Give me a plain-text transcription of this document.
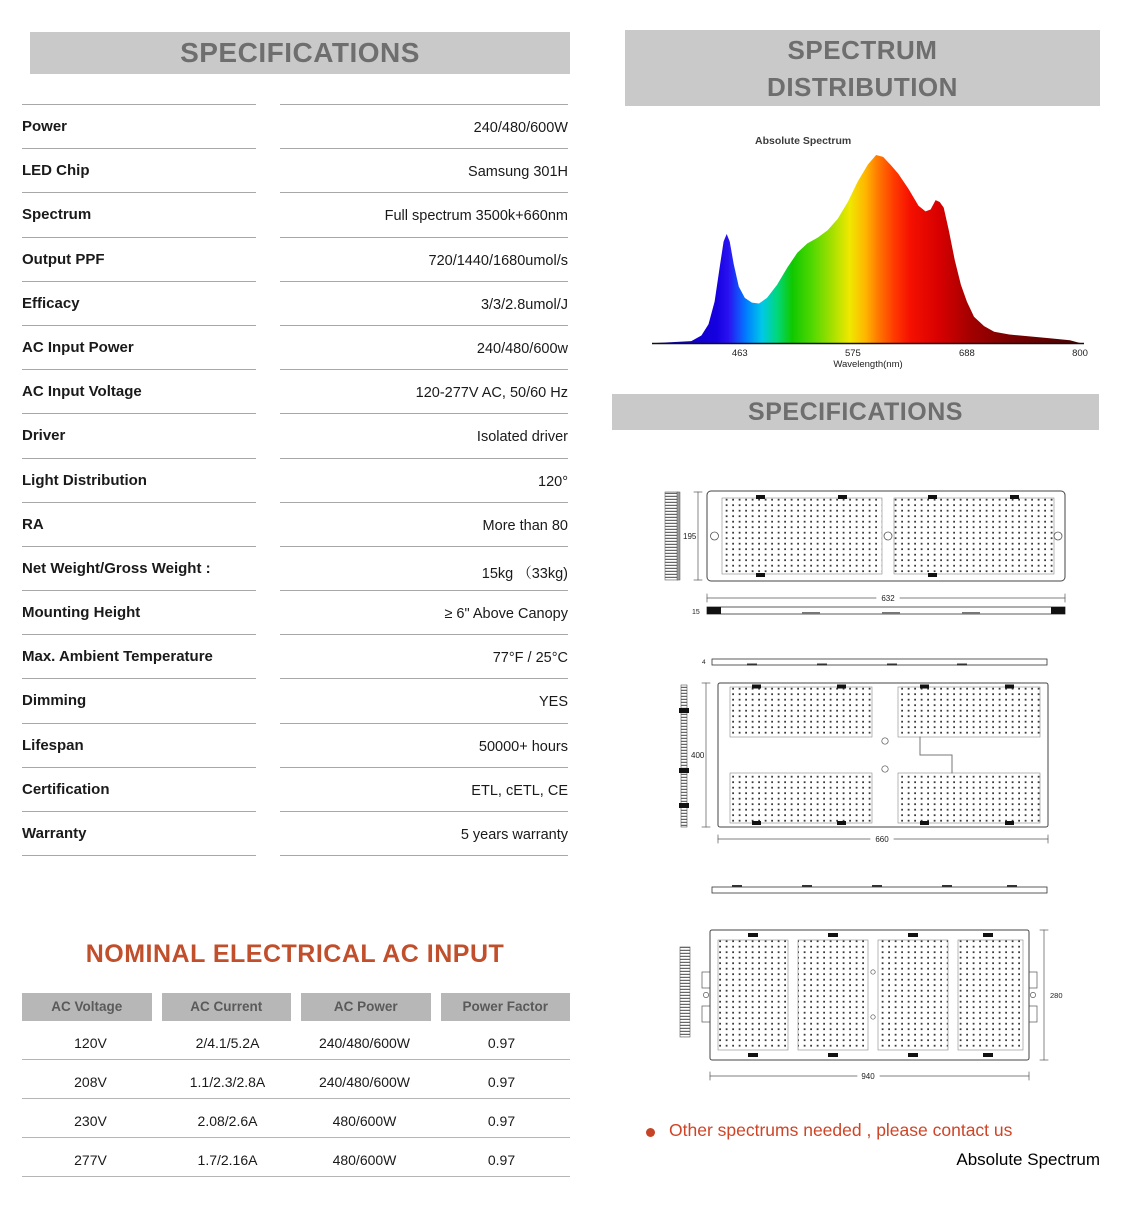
SPECIFICATIONS
Power	240/480/600W
LED Chip	Samsung 301H
Spectrum	Full spectrum 3500k+660nm
Output PPF	720/1440/1680umol/s
Efficacy	3/3/2.8umol/J
AC Input Power	240/480/600w
AC Input Voltage	120-277V AC, 50/60 Hz
Driver	Isolated driver
Light Distribution	120°
RA	More than 80
Net Weight/Gross Weight :	15kg （33kg)
Mounting Height	≥ 6" Above Canopy
Max. Ambient Temperature	77°F / 25°C
Dimming	YES
Lifespan	50000+ hours
Certification	ETL, cETL, CE
Warranty	5 years warranty
NOMINAL ELECTRICAL AC INPUT
AC Voltage	AC Current	AC Power	Power Factor
120V	2/4.1/5.2A	240/480/600W	0.97
208V	1.1/2.3/2.8A	240/480/600W	0.97
230V	2.08/2.6A	480/600W	0.97
277V	1.7/2.16A	480/600W	0.97
SPECTRUM
DISTRIBUTION
Absolute Spectrum
463	575	688	800
Wavelength(nm)
SPECIFICATIONS
195
632
15
4
400
660
280
940
Other spectrums needed , please contact us
Absolute Spectrum
